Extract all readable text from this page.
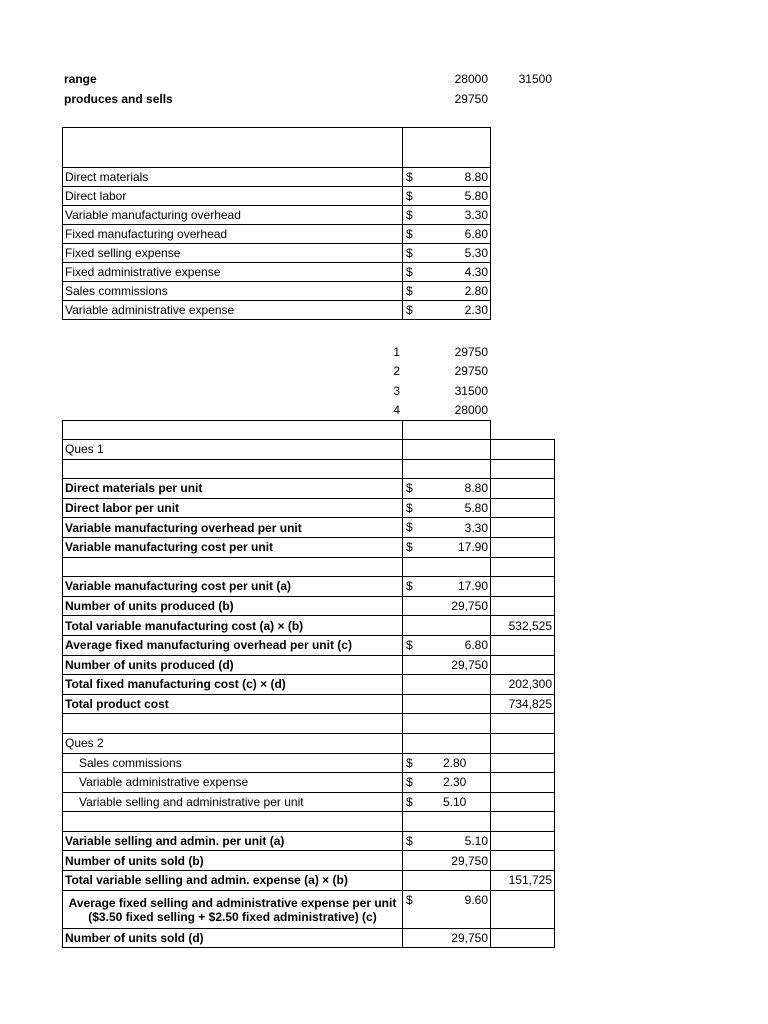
range	28000	31500
produces and sells	29750

Direct materials	$ 8.80

Direct labor	$ 5.80

Variable manufacturing overhead	$ 3.30

Fixed manufacturing overhead	$ 6.80

Fixed selling expense	$ 5.30

Fixed administrative expense	$ 4.30

Sales commissions	$ 2.80

Variable administrative expense	$ 2.30
1	29750
2	29750
3	31500
4	28000

Ques 1		

Direct materials per unit	$ 8.80	

Direct labor per unit	$ 5.80	

Variable manufacturing overhead per unit	$ 3.30	

Variable manufacturing cost per unit	$ 17.90	

Variable manufacturing cost per unit (a)	$ 17.90	

Number of units produced (b)	29,750	
Total variable manufacturing cost (a) × (b)		532,525
Average fixed manufacturing overhead per unit (c)	$ 6.80	

Number of units produced (d)	29,750	
Total fixed manufacturing cost (c) × (d)		202,300
Total product cost		734,825

Ques 2		
Sales commissions	$ 2.80	

Variable administrative expense	$ 2.30	

Variable selling and administrative per unit	$ 5.10	

Variable selling and admin. per unit (a)	$ 5.10	

Number of units sold (b)	29,750	
Total variable selling and admin. expense (a) × (b)		151,725
Average fixed selling and administrative expense per unit ($3.50 fixed selling + $2.50 fixed administrative) (c)	$ 9.60	

Number of units sold (d)	29,750	
